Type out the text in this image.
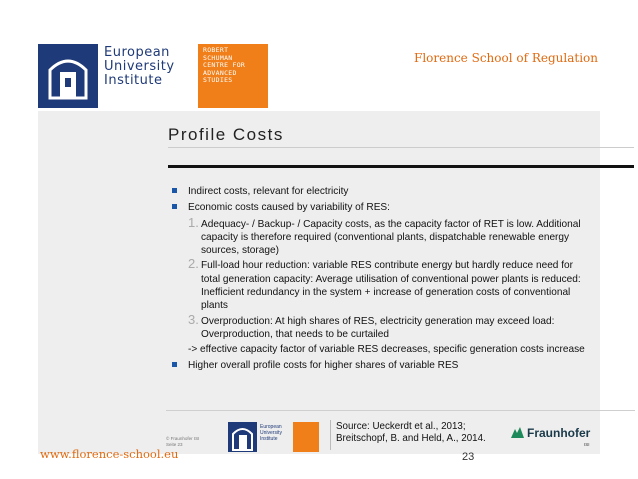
European
University
Institute
ROBERT
SCHUMAN
CENTRE FOR
ADVANCED
STUDIES
Florence School of Regulation
Profile Costs
Indirect costs, relevant for electricity
Economic costs caused by variability of RES:
1. Adequacy- / Backup- / Capacity costs, as the capacity factor of RET is low. Additional capacity is therefore required (conventional plants, dispatchable renewable energy sources, storage)
2. Full-load hour reduction: variable RES contribute energy but hardly reduce need for total generation capacity: Average utilisation of conventional power plants is reduced: Inefficient redundancy in the system + increase of generation costs of conventional plants
3. Overproduction: At high shares of RES, electricity generation may exceed load: Overproduction, that needs to be curtailed
-> effective capacity factor of variable RES decreases, specific generation costs increase
Higher overall profile costs for higher shares of variable RES
© Fraunhofer ISI
Seite 23
European
University
Institute
Source: Ueckerdt et al., 2013;
Breitschopf, B. and Held, A., 2014.	Fraunhofer
ISI
www.florence-school.eu	23
